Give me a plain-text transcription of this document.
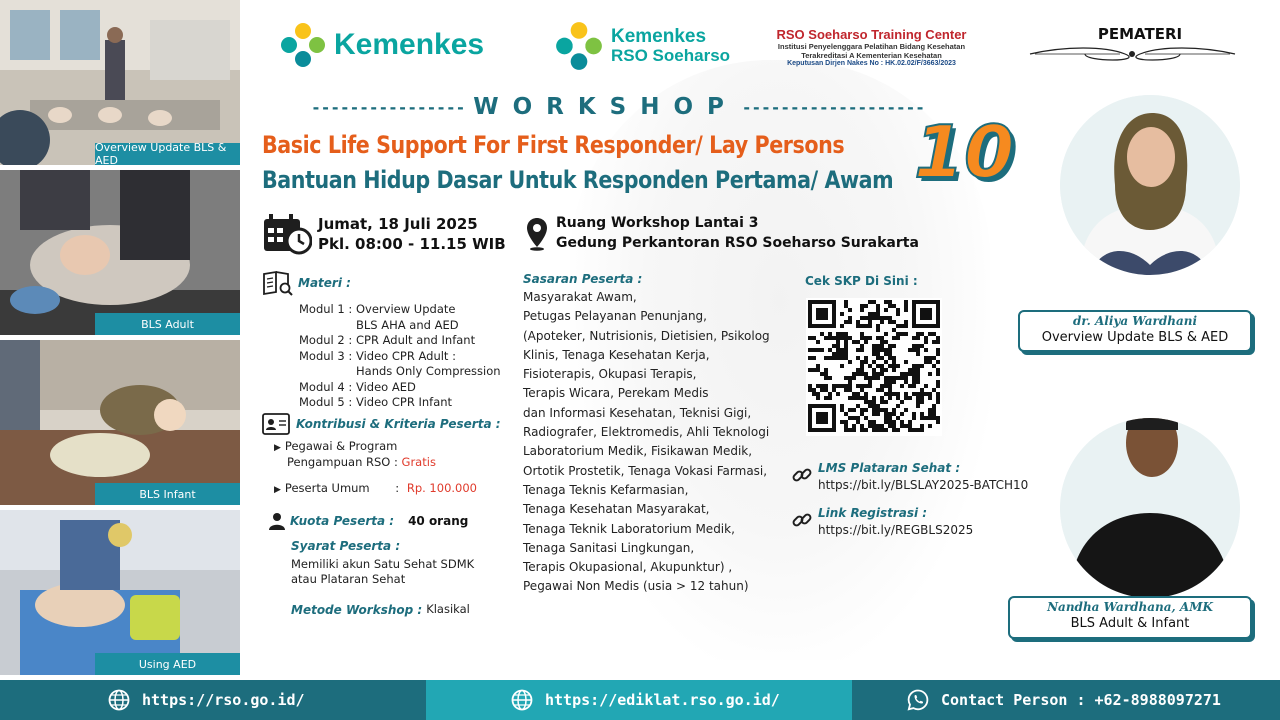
Overview Update BLS & AED
BLS Adult
BLS Infant
Using AED
Kemenkes	Kemenkes
RSO Soeharso
RSO Soeharso Training Center
Institusi Penyelenggara Pelatihan Bidang Kesehatan
Terakreditasi A Kementerian Kesehatan
Keputusan Dirjen Nakes No : HK.02.02/F/3663/2023
---------------- WORKSHOP -------------------
Basic Life Support For First Responder/ Lay Persons
Bantuan Hidup Dasar Untuk Responden Pertama/ Awam 10
Jumat, 18 Juli 2025
Pkl. 08:00 - 11.15 WIB
Ruang Workshop Lantai 3
Gedung Perkantoran RSO Soeharso Surakarta
Materi :
Modul 1 : Overview Update
BLS AHA and AED
Modul 2 : CPR Adult and Infant
Modul 3 : Video CPR Adult :
Hands Only Compression
Modul 4 : Video AED
Modul 5 : Video CPR Infant
Kontribusi & Kriteria Peserta :
▶ Pegawai & Program
Pengampuan RSO : Gratis
▶ Peserta Umum : Rp. 100.000
Kuota Peserta : 40 orang
Syarat Peserta :
Memiliki akun Satu Sehat SDMK
atau Plataran Sehat
Metode Workshop : Klasikal
Sasaran Peserta :
Masyarakat Awam,
Petugas Pelayanan Penunjang,
(Apoteker, Nutrisionis, Dietisien, Psikolog
Klinis, Tenaga Kesehatan Kerja,
Fisioterapis, Okupasi Terapis,
Terapis Wicara, Perekam Medis
dan Informasi Kesehatan, Teknisi Gigi,
Radiografer, Elektromedis, Ahli Teknologi
Laboratorium Medik, Fisikawan Medik,
Ortotik Prostetik, Tenaga Vokasi Farmasi,
Tenaga Teknis Kefarmasian,
Tenaga Kesehatan Masyarakat,
Tenaga Teknik Laboratorium Medik,
Tenaga Sanitasi Lingkungan,
Terapis Okupasional, Akupunktur) ,
Pegawai Non Medis (usia > 12 tahun)
Cek SKP Di Sini :
LMS Plataran Sehat :
https://bit.ly/BLSLAY2025-BATCH10
Link Registrasi :
https://bit.ly/REGBLS2025
PEMATERI
dr. Aliya Wardhani
Overview Update BLS & AED
Nandha Wardhana, AMK
BLS Adult & Infant
https://rso.go.id/	https://ediklat.rso.go.id/	Contact Person : +62-8988097271
